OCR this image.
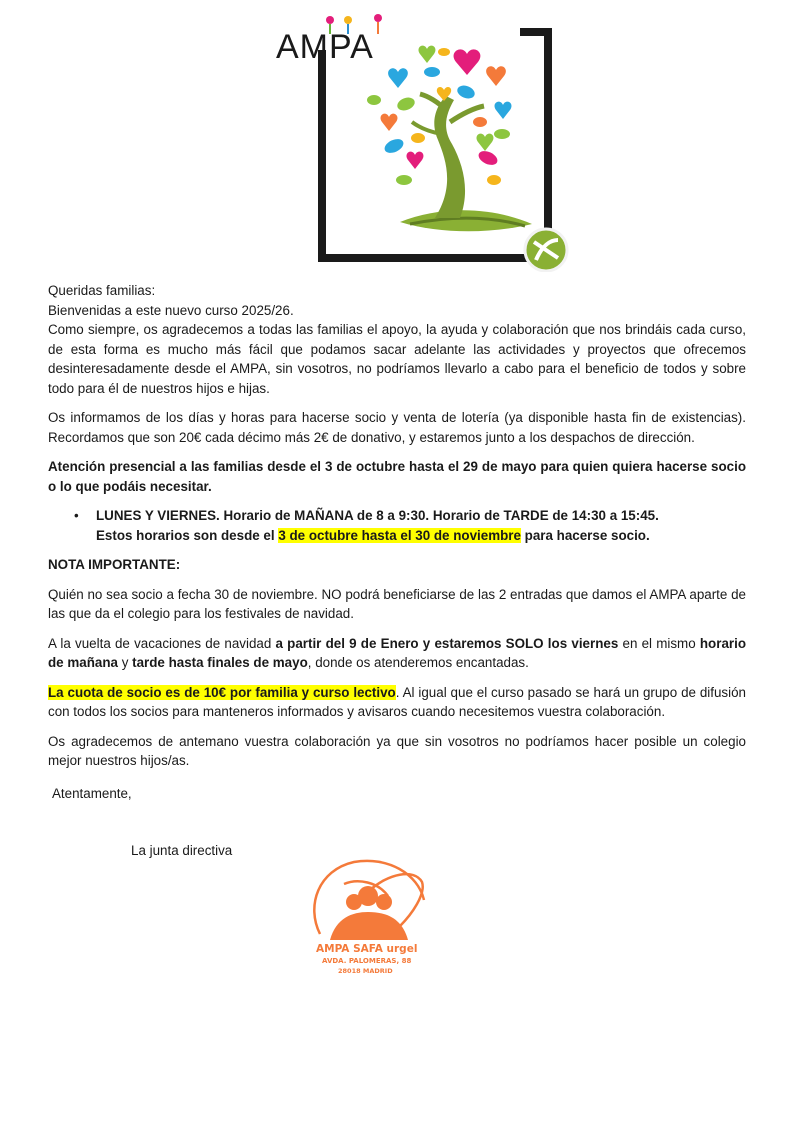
AMPA

Queridas familias:

Bienvenidas a este nuevo curso 2025/26.

Como siempre, os agradecemos a todas las familias el apoyo, la ayuda y colaboración que nos brindáis cada curso, de esta forma es mucho más fácil que podamos sacar adelante las actividades y proyectos que ofrecemos desinteresadamente desde el AMPA, sin vosotros, no podríamos llevarlo a cabo para el beneficio de todos y sobre todo para él de nuestros hijos e hijas.

Os informamos de los días y horas para hacerse socio y venta de lotería (ya disponible hasta fin de existencias). Recordamos que son 20€ cada décimo más 2€ de donativo, y estaremos junto a los despachos de dirección.

Atención presencial a las familias desde el 3 de octubre hasta el 29 de mayo para quien quiera hacerse socio o lo que podáis necesitar.

• LUNES Y VIERNES. Horario de MAÑANA de 8 a 9:30. Horario de TARDE de 14:30 a 15:45.
Estos horarios son desde el 3 de octubre hasta el 30 de noviembre para hacerse socio.

NOTA IMPORTANTE:

Quién no sea socio a fecha 30 de noviembre. NO podrá beneficiarse de las 2 entradas que damos el AMPA aparte de las que da el colegio para los festivales de navidad.

A la vuelta de vacaciones de navidad a partir del 9 de Enero y estaremos SOLO los viernes en el mismo horario de mañana y tarde hasta finales de mayo, donde os atenderemos encantadas.

La cuota de socio es de 10€ por familia y curso lectivo. Al igual que el curso pasado se hará un grupo de difusión con todos los socios para manteneros informados y avisaros cuando necesitemos vuestra colaboración.

Os agradecemos de antemano vuestra colaboración ya que sin vosotros no podríamos hacer posible un colegio mejor nuestros hijos/as.

Atentamente,

La junta directiva

AMPA SAFA urgel
AVDA. PALOMERAS, 88
28018 MADRID
